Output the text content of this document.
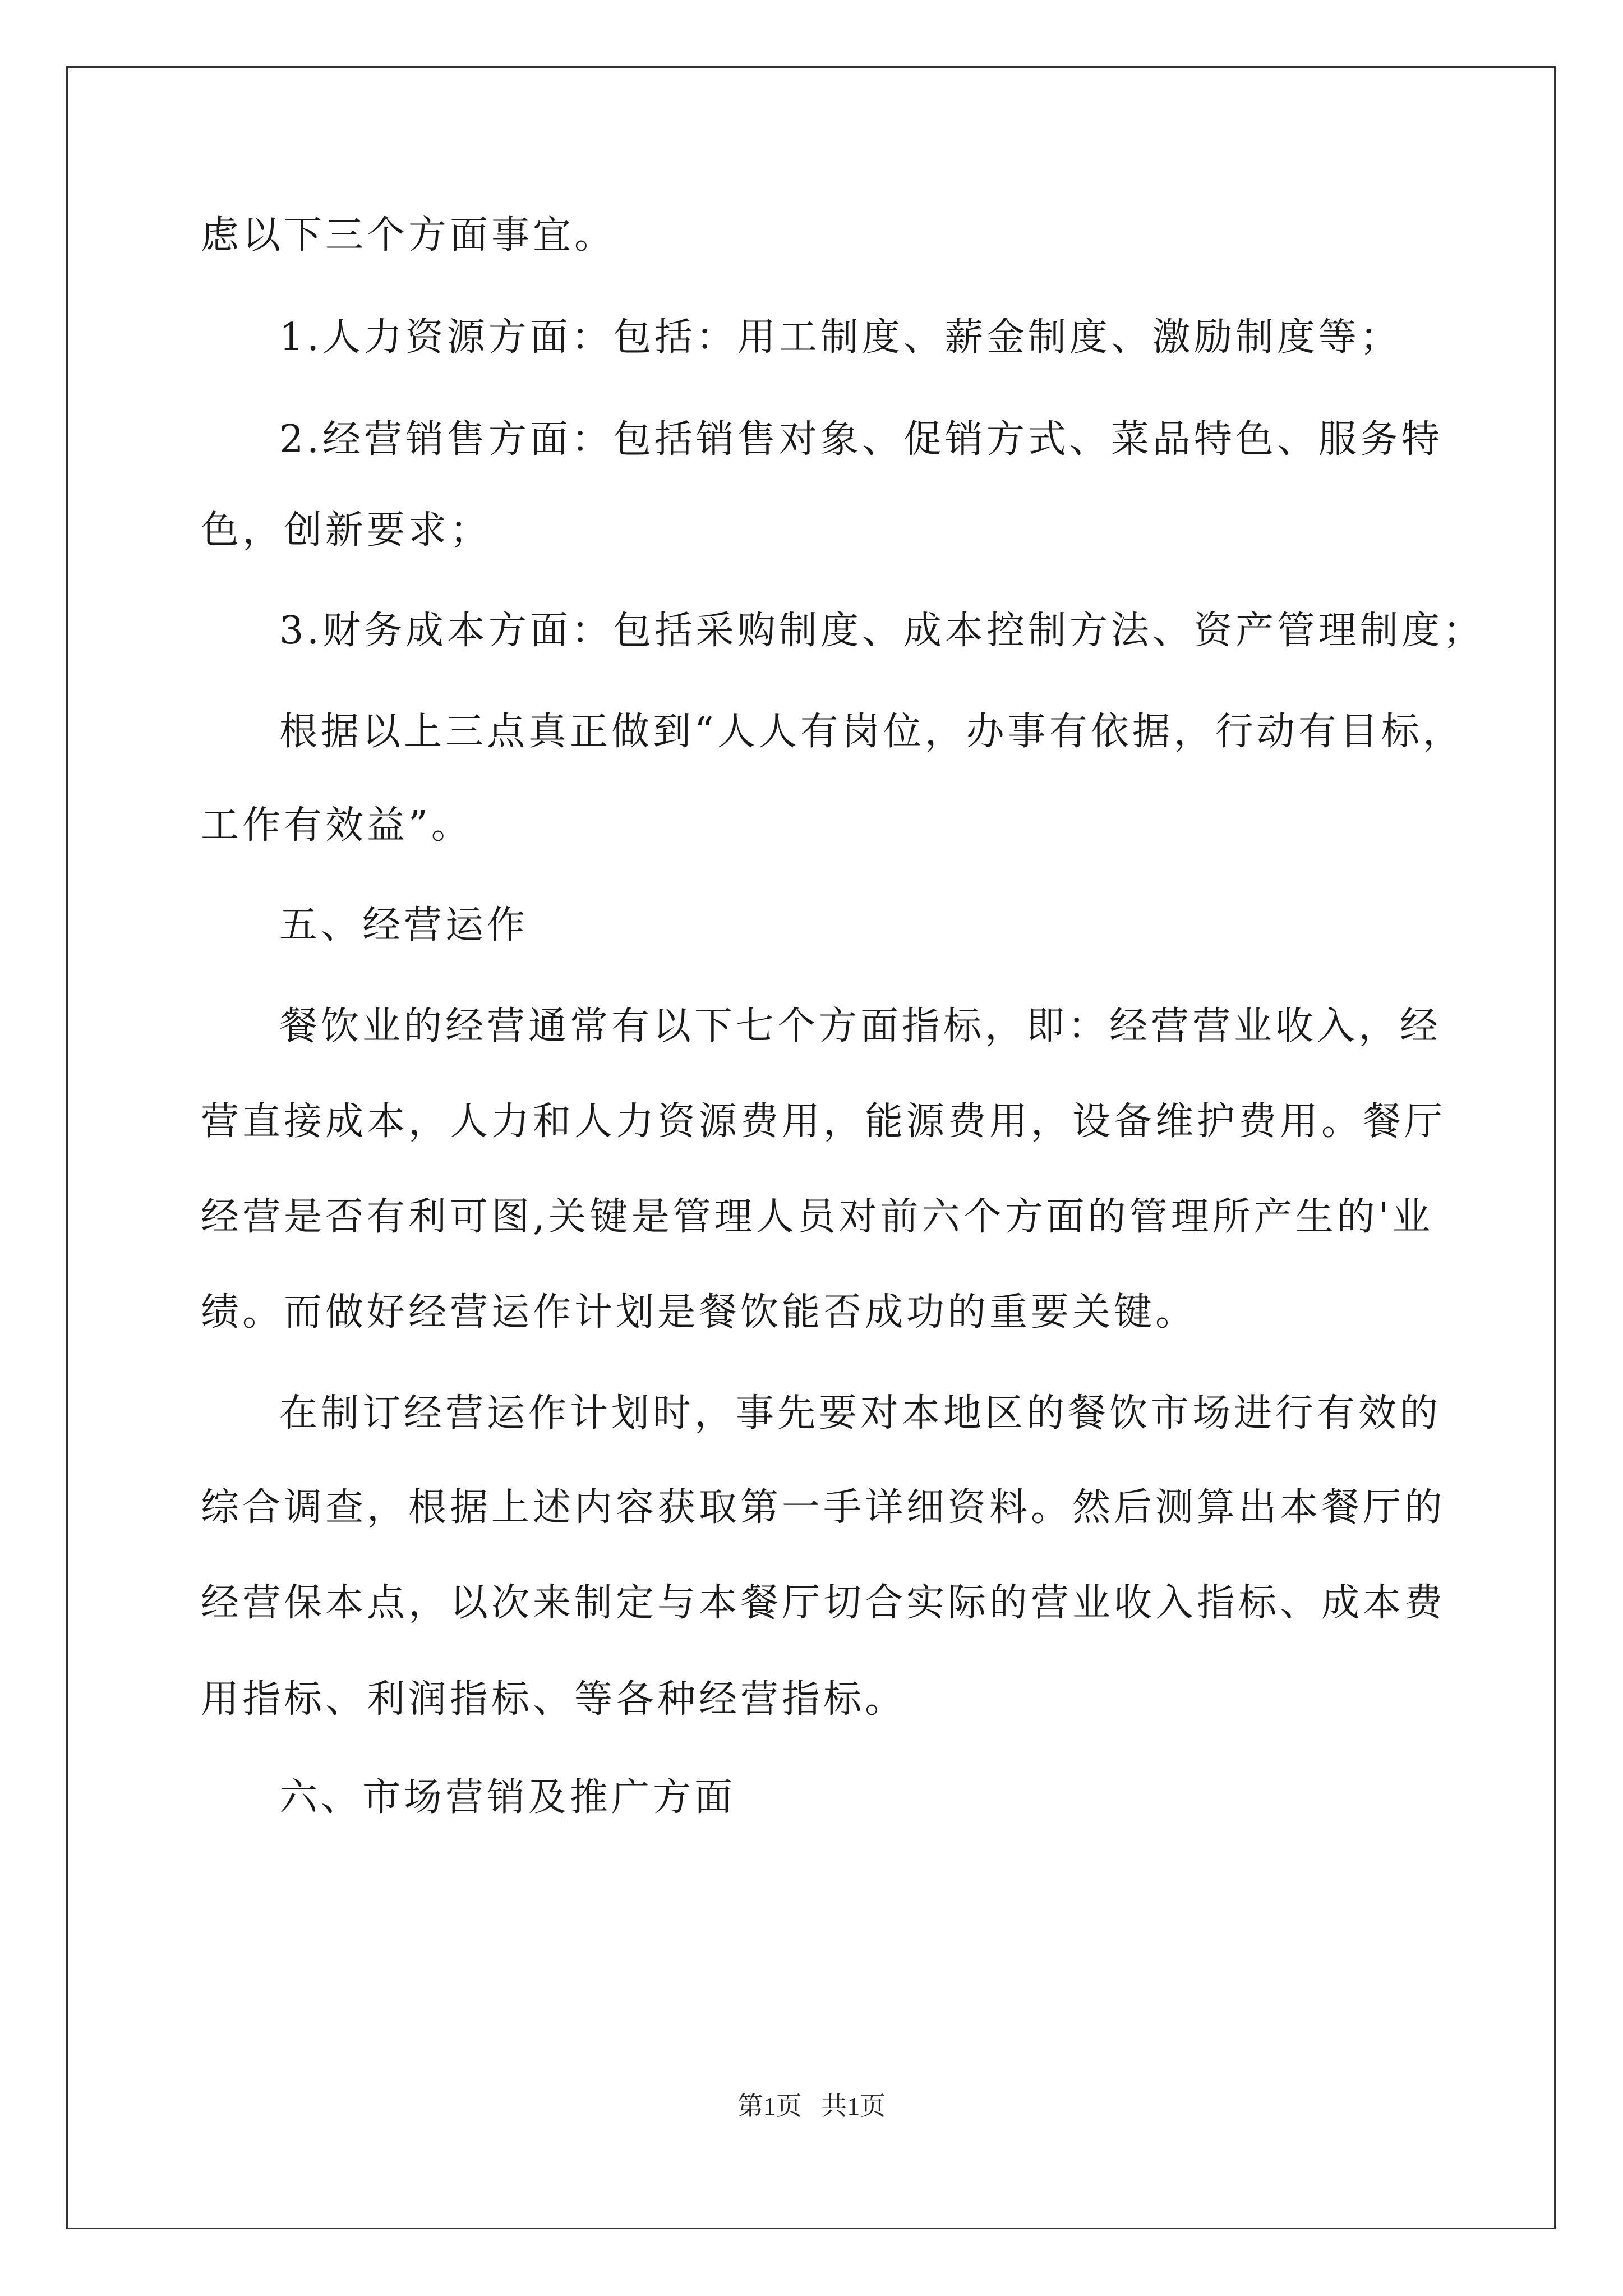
虑以下三个方面事宜。
1.人力资源方面：包括：用工制度、薪金制度、激励制度等；
2.经营销售方面：包括销售对象、促销方式、菜品特色、服务特
色，创新要求；
3.财务成本方面：包括采购制度、成本控制方法、资产管理制度；
根据以上三点真正做到“人人有岗位，办事有依据，行动有目标，
工作有效益”。
五、经营运作
餐饮业的经营通常有以下七个方面指标，即：经营营业收入，经
营直接成本，人力和人力资源费用，能源费用，设备维护费用。餐厅
经营是否有利可图,关键是管理人员对前六个方面的管理所产生的'业
绩。而做好经营运作计划是餐饮能否成功的重要关键。
在制订经营运作计划时，事先要对本地区的餐饮市场进行有效的
综合调查，根据上述内容获取第一手详细资料。然后测算出本餐厅的
经营保本点，以次来制定与本餐厅切合实际的营业收入指标、成本费
用指标、利润指标、等各种经营指标。
六、市场营销及推广方面
第1页   共1页
